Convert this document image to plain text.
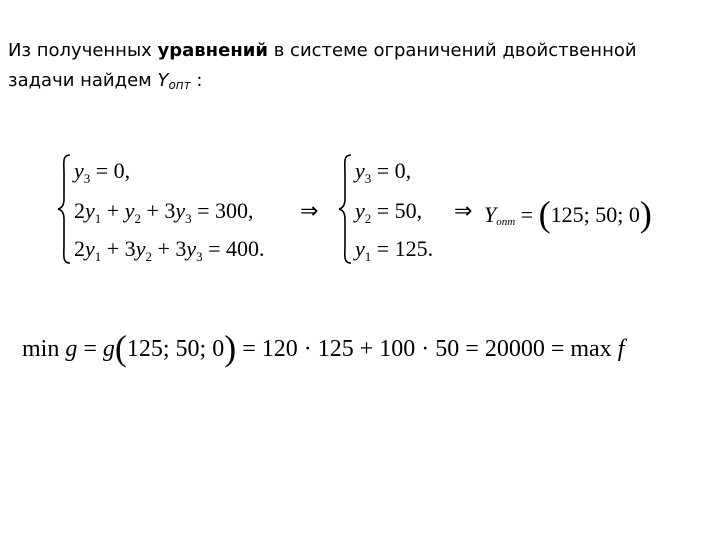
Из полученных уравнений в системе ограничений двойственной
задачи найдем $Y_{опт}$ :
$y_3 = 0$,
$2y_1 + y_2 + 3y_3 = 300$,
$2y_1 + 3y_2 + 3y_3 = 400$.
⇒
$y_3 = 0$,
$y_2 = 50$,
$y_1 = 125$.
⇒ Yопт = (125; 50; 0)
min g = g(125; 50; 0) = 120 · 125 + 100 · 50 = 20000 = max f
